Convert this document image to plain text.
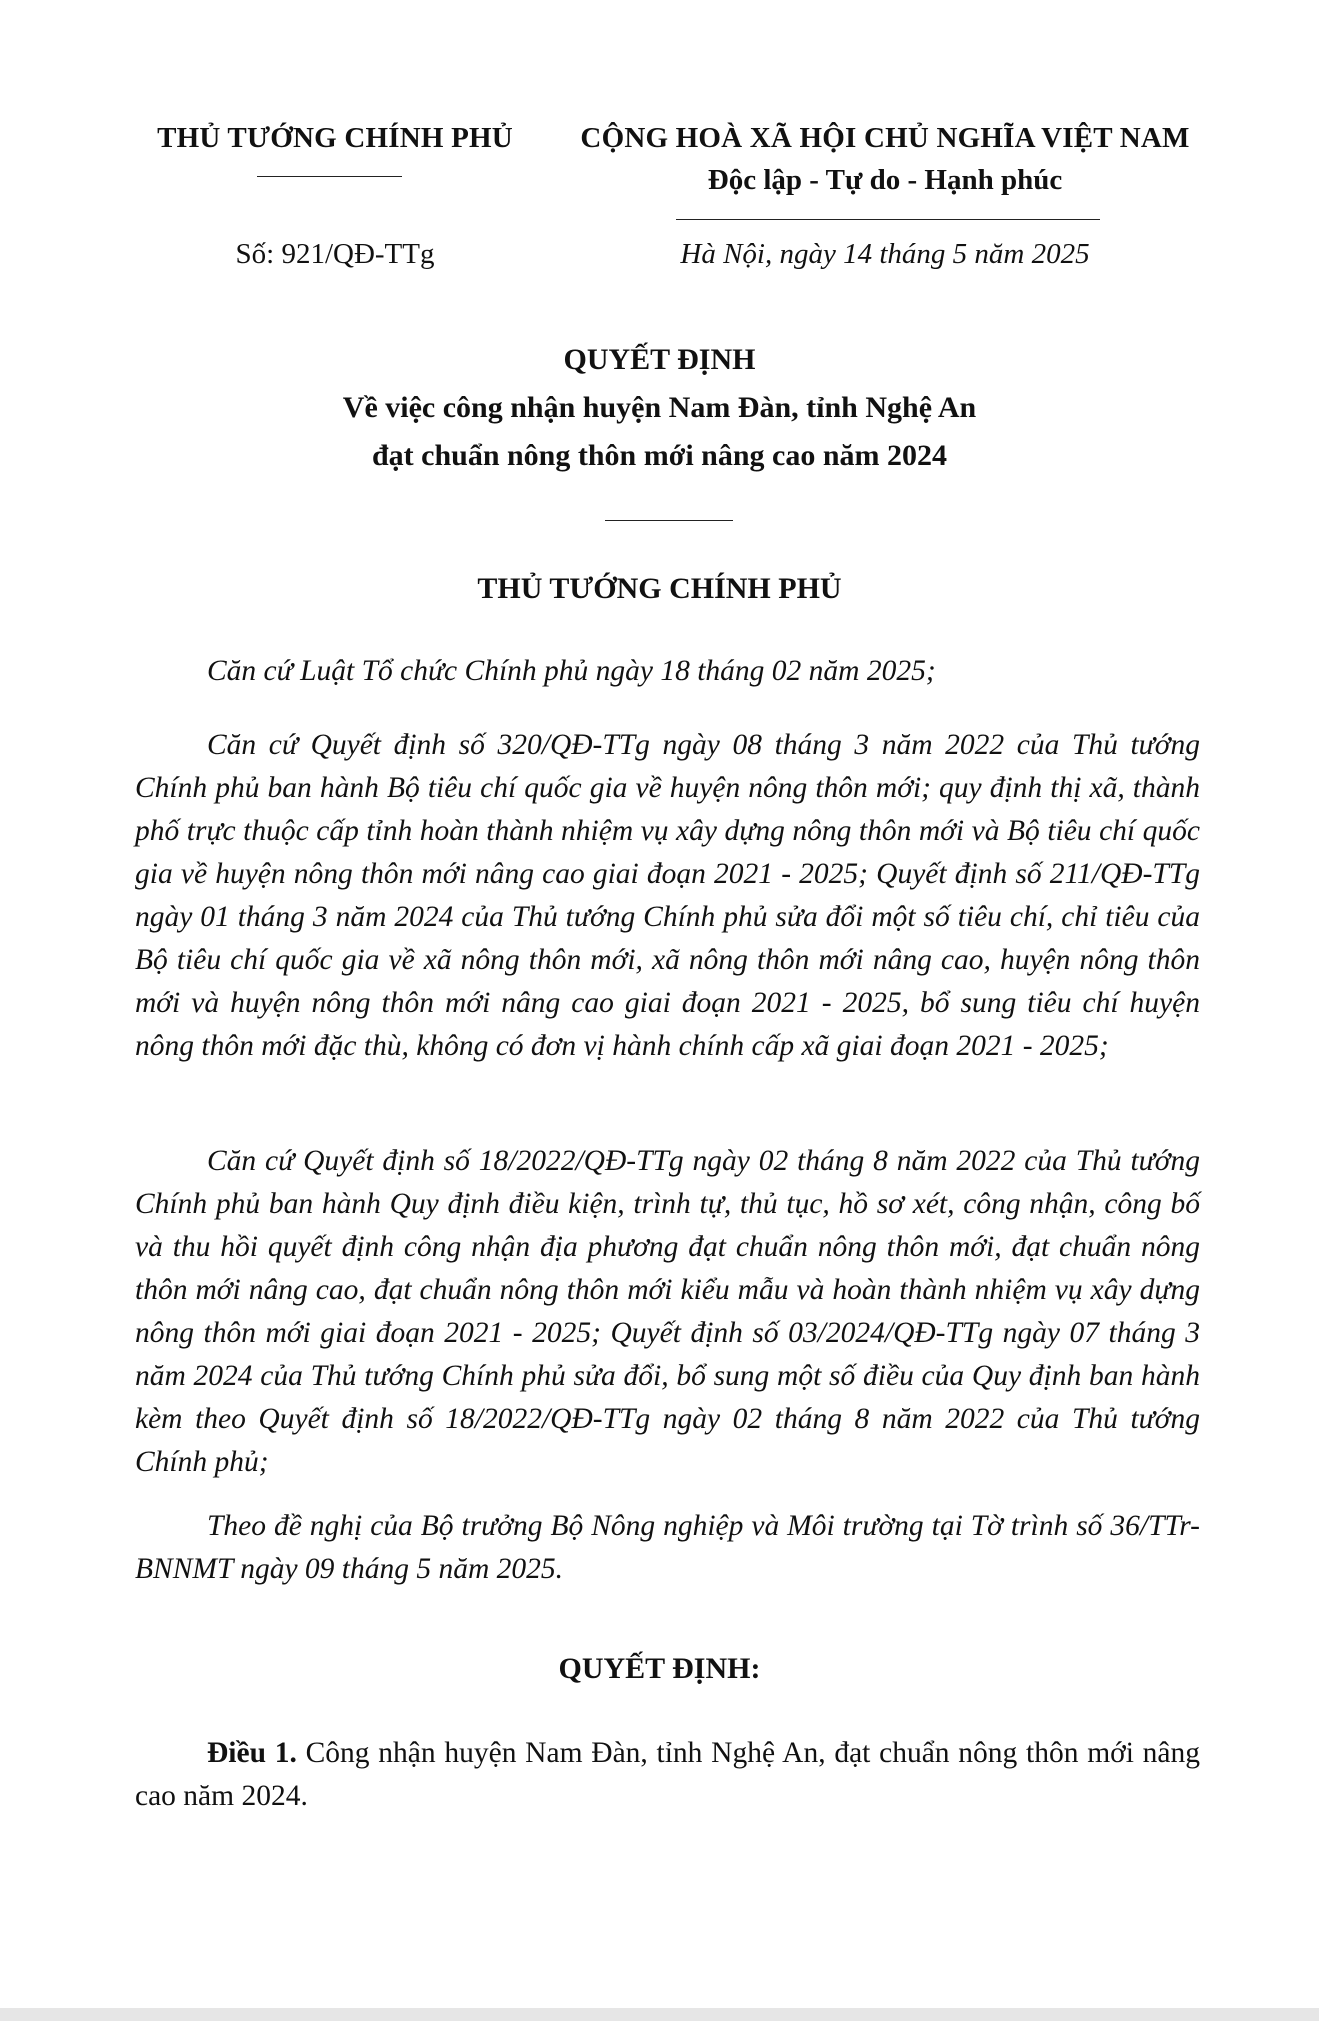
THỦ TƯỚNG CHÍNH PHỦ	CỘNG HOÀ XÃ HỘI CHỦ NGHĨA VIỆT NAM
Độc lập - Tự do - Hạnh phúc
Số: 921/QĐ-TTg	Hà Nội, ngày 14 tháng 5 năm 2025
QUYẾT ĐỊNH
Về việc công nhận huyện Nam Đàn, tỉnh Nghệ An
đạt chuẩn nông thôn mới nâng cao năm 2024
THỦ TƯỚNG CHÍNH PHỦ
Căn cứ Luật Tổ chức Chính phủ ngày 18 tháng 02 năm 2025;
Căn cứ Quyết định số 320/QĐ-TTg ngày 08 tháng 3 năm 2022 của Thủ tướng Chính phủ ban hành Bộ tiêu chí quốc gia về huyện nông thôn mới; quy định thị xã, thành phố trực thuộc cấp tỉnh hoàn thành nhiệm vụ xây dựng nông thôn mới và Bộ tiêu chí quốc gia về huyện nông thôn mới nâng cao giai đoạn 2021 - 2025; Quyết định số 211/QĐ-TTg ngày 01 tháng 3 năm 2024 của Thủ tướng Chính phủ sửa đổi một số tiêu chí, chỉ tiêu của Bộ tiêu chí quốc gia về xã nông thôn mới, xã nông thôn mới nâng cao, huyện nông thôn mới và huyện nông thôn mới nâng cao giai đoạn 2021 - 2025, bổ sung tiêu chí huyện nông thôn mới đặc thù, không có đơn vị hành chính cấp xã giai đoạn 2021 - 2025;
Căn cứ Quyết định số 18/2022/QĐ-TTg ngày 02 tháng 8 năm 2022 của Thủ tướng Chính phủ ban hành Quy định điều kiện, trình tự, thủ tục, hồ sơ xét, công nhận, công bố và thu hồi quyết định công nhận địa phương đạt chuẩn nông thôn mới, đạt chuẩn nông thôn mới nâng cao, đạt chuẩn nông thôn mới kiểu mẫu và hoàn thành nhiệm vụ xây dựng nông thôn mới giai đoạn 2021 - 2025; Quyết định số 03/2024/QĐ-TTg ngày 07 tháng 3 năm 2024 của Thủ tướng Chính phủ sửa đổi, bổ sung một số điều của Quy định ban hành kèm theo Quyết định số 18/2022/QĐ-TTg ngày 02 tháng 8 năm 2022 của Thủ tướng Chính phủ;
Theo đề nghị của Bộ trưởng Bộ Nông nghiệp và Môi trường tại Tờ trình số 36/TTr-BNNMT ngày 09 tháng 5 năm 2025.
QUYẾT ĐỊNH:
Điều 1. Công nhận huyện Nam Đàn, tỉnh Nghệ An, đạt chuẩn nông thôn mới nâng cao năm 2024.
